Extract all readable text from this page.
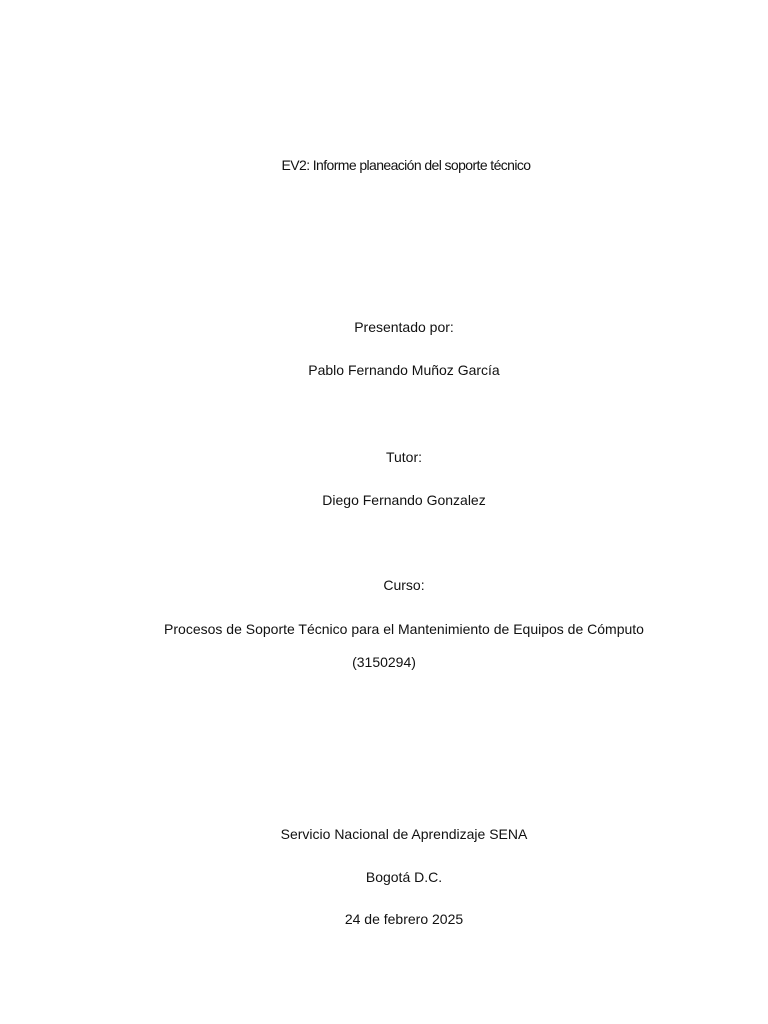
EV2: Informe planeación del soporte técnico
Presentado por:
Pablo Fernando Muñoz García
Tutor:
Diego Fernando Gonzalez
Curso:
Procesos de Soporte Técnico para el Mantenimiento de Equipos de Cómputo
(3150294)
Servicio Nacional de Aprendizaje SENA
Bogotá D.C.
24 de febrero 2025
